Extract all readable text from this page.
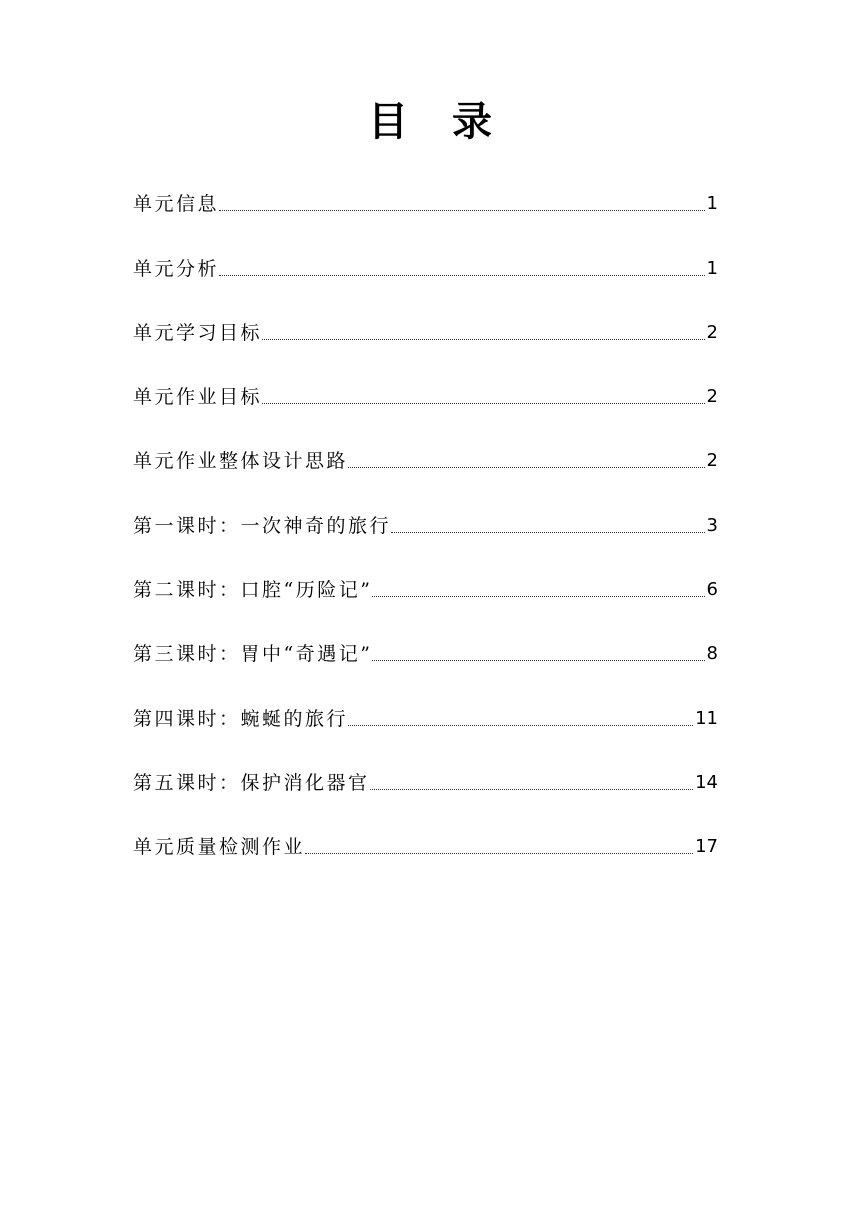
目录
单元信息	1
单元分析	1
单元学习目标	2
单元作业目标	2
单元作业整体设计思路	2
第一课时：一次神奇的旅行	3
第二课时：口腔“历险记”	6
第三课时：胃中“奇遇记”	8
第四课时：蜿蜒的旅行	11
第五课时：保护消化器官	14
单元质量检测作业	17
